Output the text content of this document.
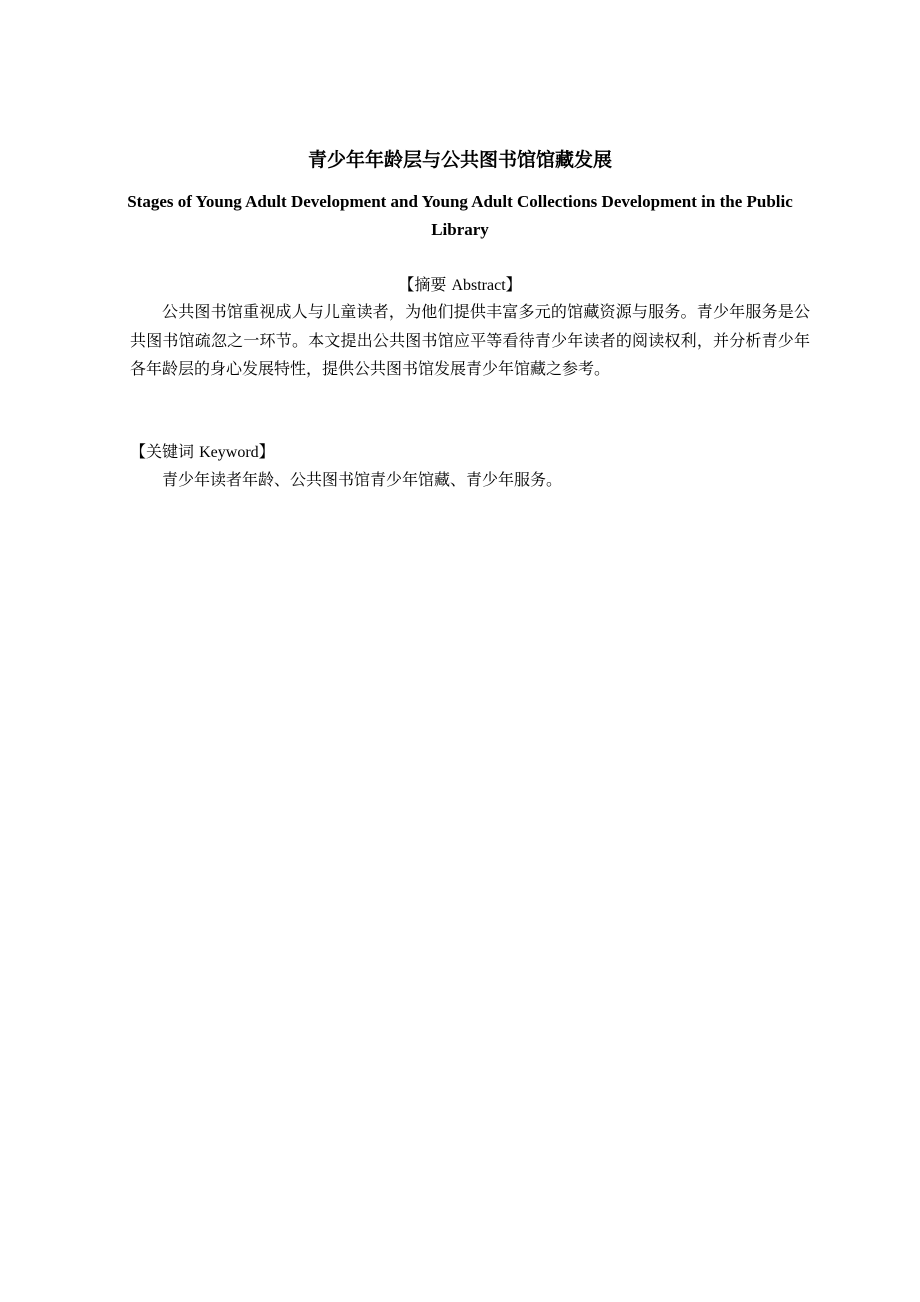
青少年年龄层与公共图书馆馆藏发展
Stages of Young Adult Development and Young Adult Collections Development in the Public Library
【摘要 Abstract】

公共图书馆重视成人与儿童读者，为他们提供丰富多元的馆藏资源与服务。青少年服务是公共图书馆疏忽之一环节。本文提出公共图书馆应平等看待青少年读者的阅读权利，并分析青少年各年龄层的身心发展特性，提供公共图书馆发展青少年馆藏之参考。

【关键词 Keyword】

青少年读者年龄、公共图书馆青少年馆藏、青少年服务。
